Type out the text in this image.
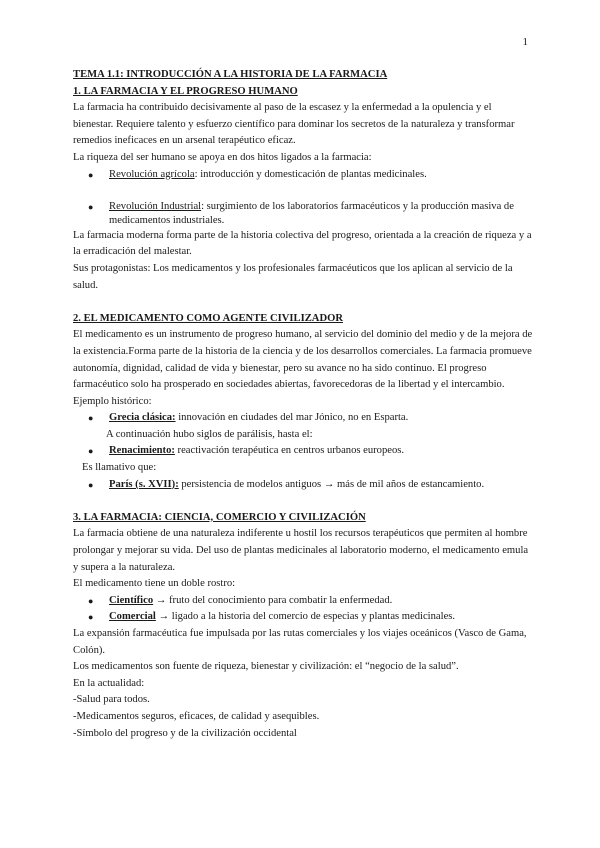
1

TEMA 1.1: INTRODUCCIÓN A LA HISTORIA DE LA FARMACIA

1. LA FARMACIA Y EL PROGRESO HUMANO

La farmacia ha contribuido decisivamente al paso de la escasez y la enfermedad a la opulencia y el bienestar. Requiere talento y esfuerzo científico para dominar los secretos de la naturaleza y transformar remedios ineficaces en un arsenal terapéutico eficaz.

La riqueza del ser humano se apoya en dos hitos ligados a la farmacia:

● Revolución agrícola: introducción y domesticación de plantas medicinales.
● Revolución Industrial: surgimiento de los laboratorios farmacéuticos y la producción masiva de medicamentos industriales.

La farmacia moderna forma parte de la historia colectiva del progreso, orientada a la creación de riqueza y a la erradicación del malestar.

Sus protagonistas: Los medicamentos y los profesionales farmacéuticos que los aplican al servicio de la salud.

2. EL MEDICAMENTO COMO AGENTE CIVILIZADOR

El medicamento es un instrumento de progreso humano, al servicio del dominio del medio y de la mejora de la existencia.Forma parte de la historia de la ciencia y de los desarrollos comerciales. La farmacia promueve autonomía, dignidad, calidad de vida y bienestar, pero su avance no ha sido continuo. El progreso farmacéutico solo ha prosperado en sociedades abiertas, favorecedoras de la libertad y el intercambio.

Ejemplo histórico:

● Grecia clásica: innovación en ciudades del mar Jónico, no en Esparta.

A continuación hubo siglos de parálisis, hasta el:

● Renacimiento: reactivación terapéutica en centros urbanos europeos.

Es llamativo que:

● París (s. XVII): persistencia de modelos antiguos → más de mil años de estancamiento.

3. LA FARMACIA: CIENCIA, COMERCIO Y CIVILIZACIÓN

La farmacia obtiene de una naturaleza indiferente u hostil los recursos terapéuticos que permiten al hombre prolongar y mejorar su vida. Del uso de plantas medicinales al laboratorio moderno, el medicamento emula y supera a la naturaleza.

El medicamento tiene un doble rostro:

● Científico → fruto del conocimiento para combatir la enfermedad.
● Comercial → ligado a la historia del comercio de especias y plantas medicinales.

La expansión farmacéutica fue impulsada por las rutas comerciales y los viajes oceánicos (Vasco de Gama, Colón).

Los medicamentos son fuente de riqueza, bienestar y civilización: el “negocio de la salud”.

En la actualidad:

-Salud para todos.

-Medicamentos seguros, eficaces, de calidad y asequibles.

-Símbolo del progreso y de la civilización occidental
